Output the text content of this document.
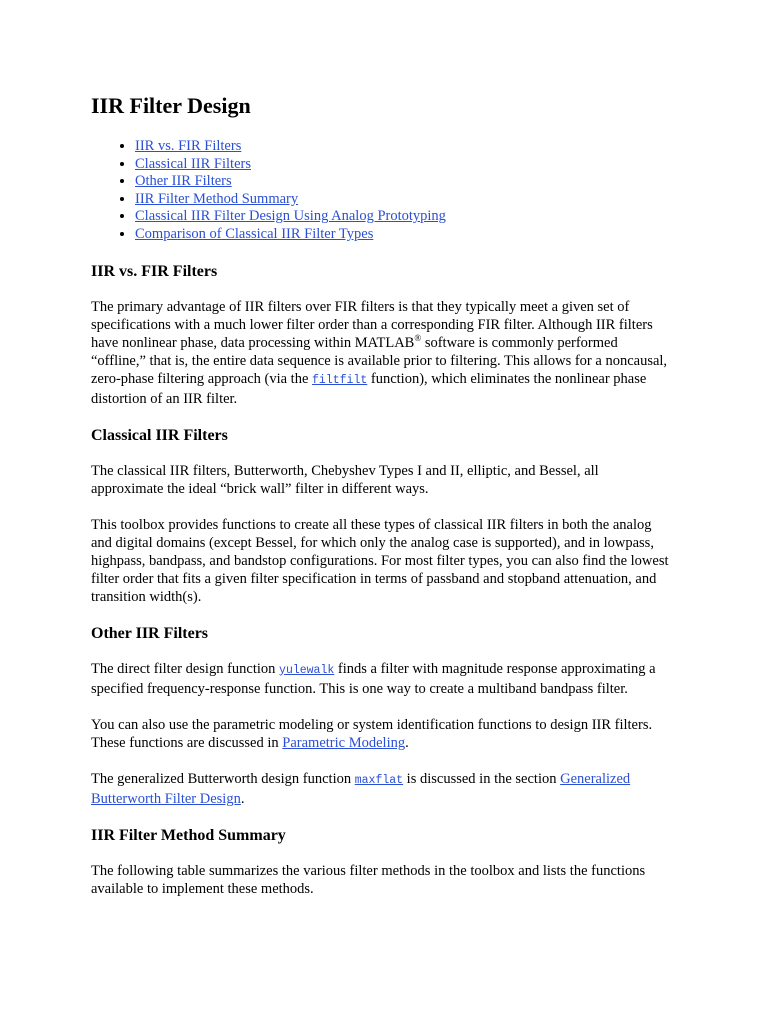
IIR Filter Design
• IIR vs. FIR Filters
• Classical IIR Filters
• Other IIR Filters
• IIR Filter Method Summary
• Classical IIR Filter Design Using Analog Prototyping
• Comparison of Classical IIR Filter Types
IIR vs. FIR Filters

The primary advantage of IIR filters over FIR filters is that they typically meet a given set of specifications with a much lower filter order than a corresponding FIR filter. Although IIR filters have nonlinear phase, data processing within MATLAB® software is commonly performed “offline,” that is, the entire data sequence is available prior to filtering. This allows for a noncausal, zero-phase filtering approach (via the filtfilt function), which eliminates the nonlinear phase distortion of an IIR filter.

Classical IIR Filters

The classical IIR filters, Butterworth, Chebyshev Types I and II, elliptic, and Bessel, all approximate the ideal “brick wall” filter in different ways.

This toolbox provides functions to create all these types of classical IIR filters in both the analog and digital domains (except Bessel, for which only the analog case is supported), and in lowpass, highpass, bandpass, and bandstop configurations. For most filter types, you can also find the lowest filter order that fits a given filter specification in terms of passband and stopband attenuation, and transition width(s).

Other IIR Filters

The direct filter design function yulewalk finds a filter with magnitude response approximating a specified frequency-response function. This is one way to create a multiband bandpass filter.

You can also use the parametric modeling or system identification functions to design IIR filters. These functions are discussed in Parametric Modeling.

The generalized Butterworth design function maxflat is discussed in the section Generalized Butterworth Filter Design.

IIR Filter Method Summary

The following table summarizes the various filter methods in the toolbox and lists the functions available to implement these methods.
